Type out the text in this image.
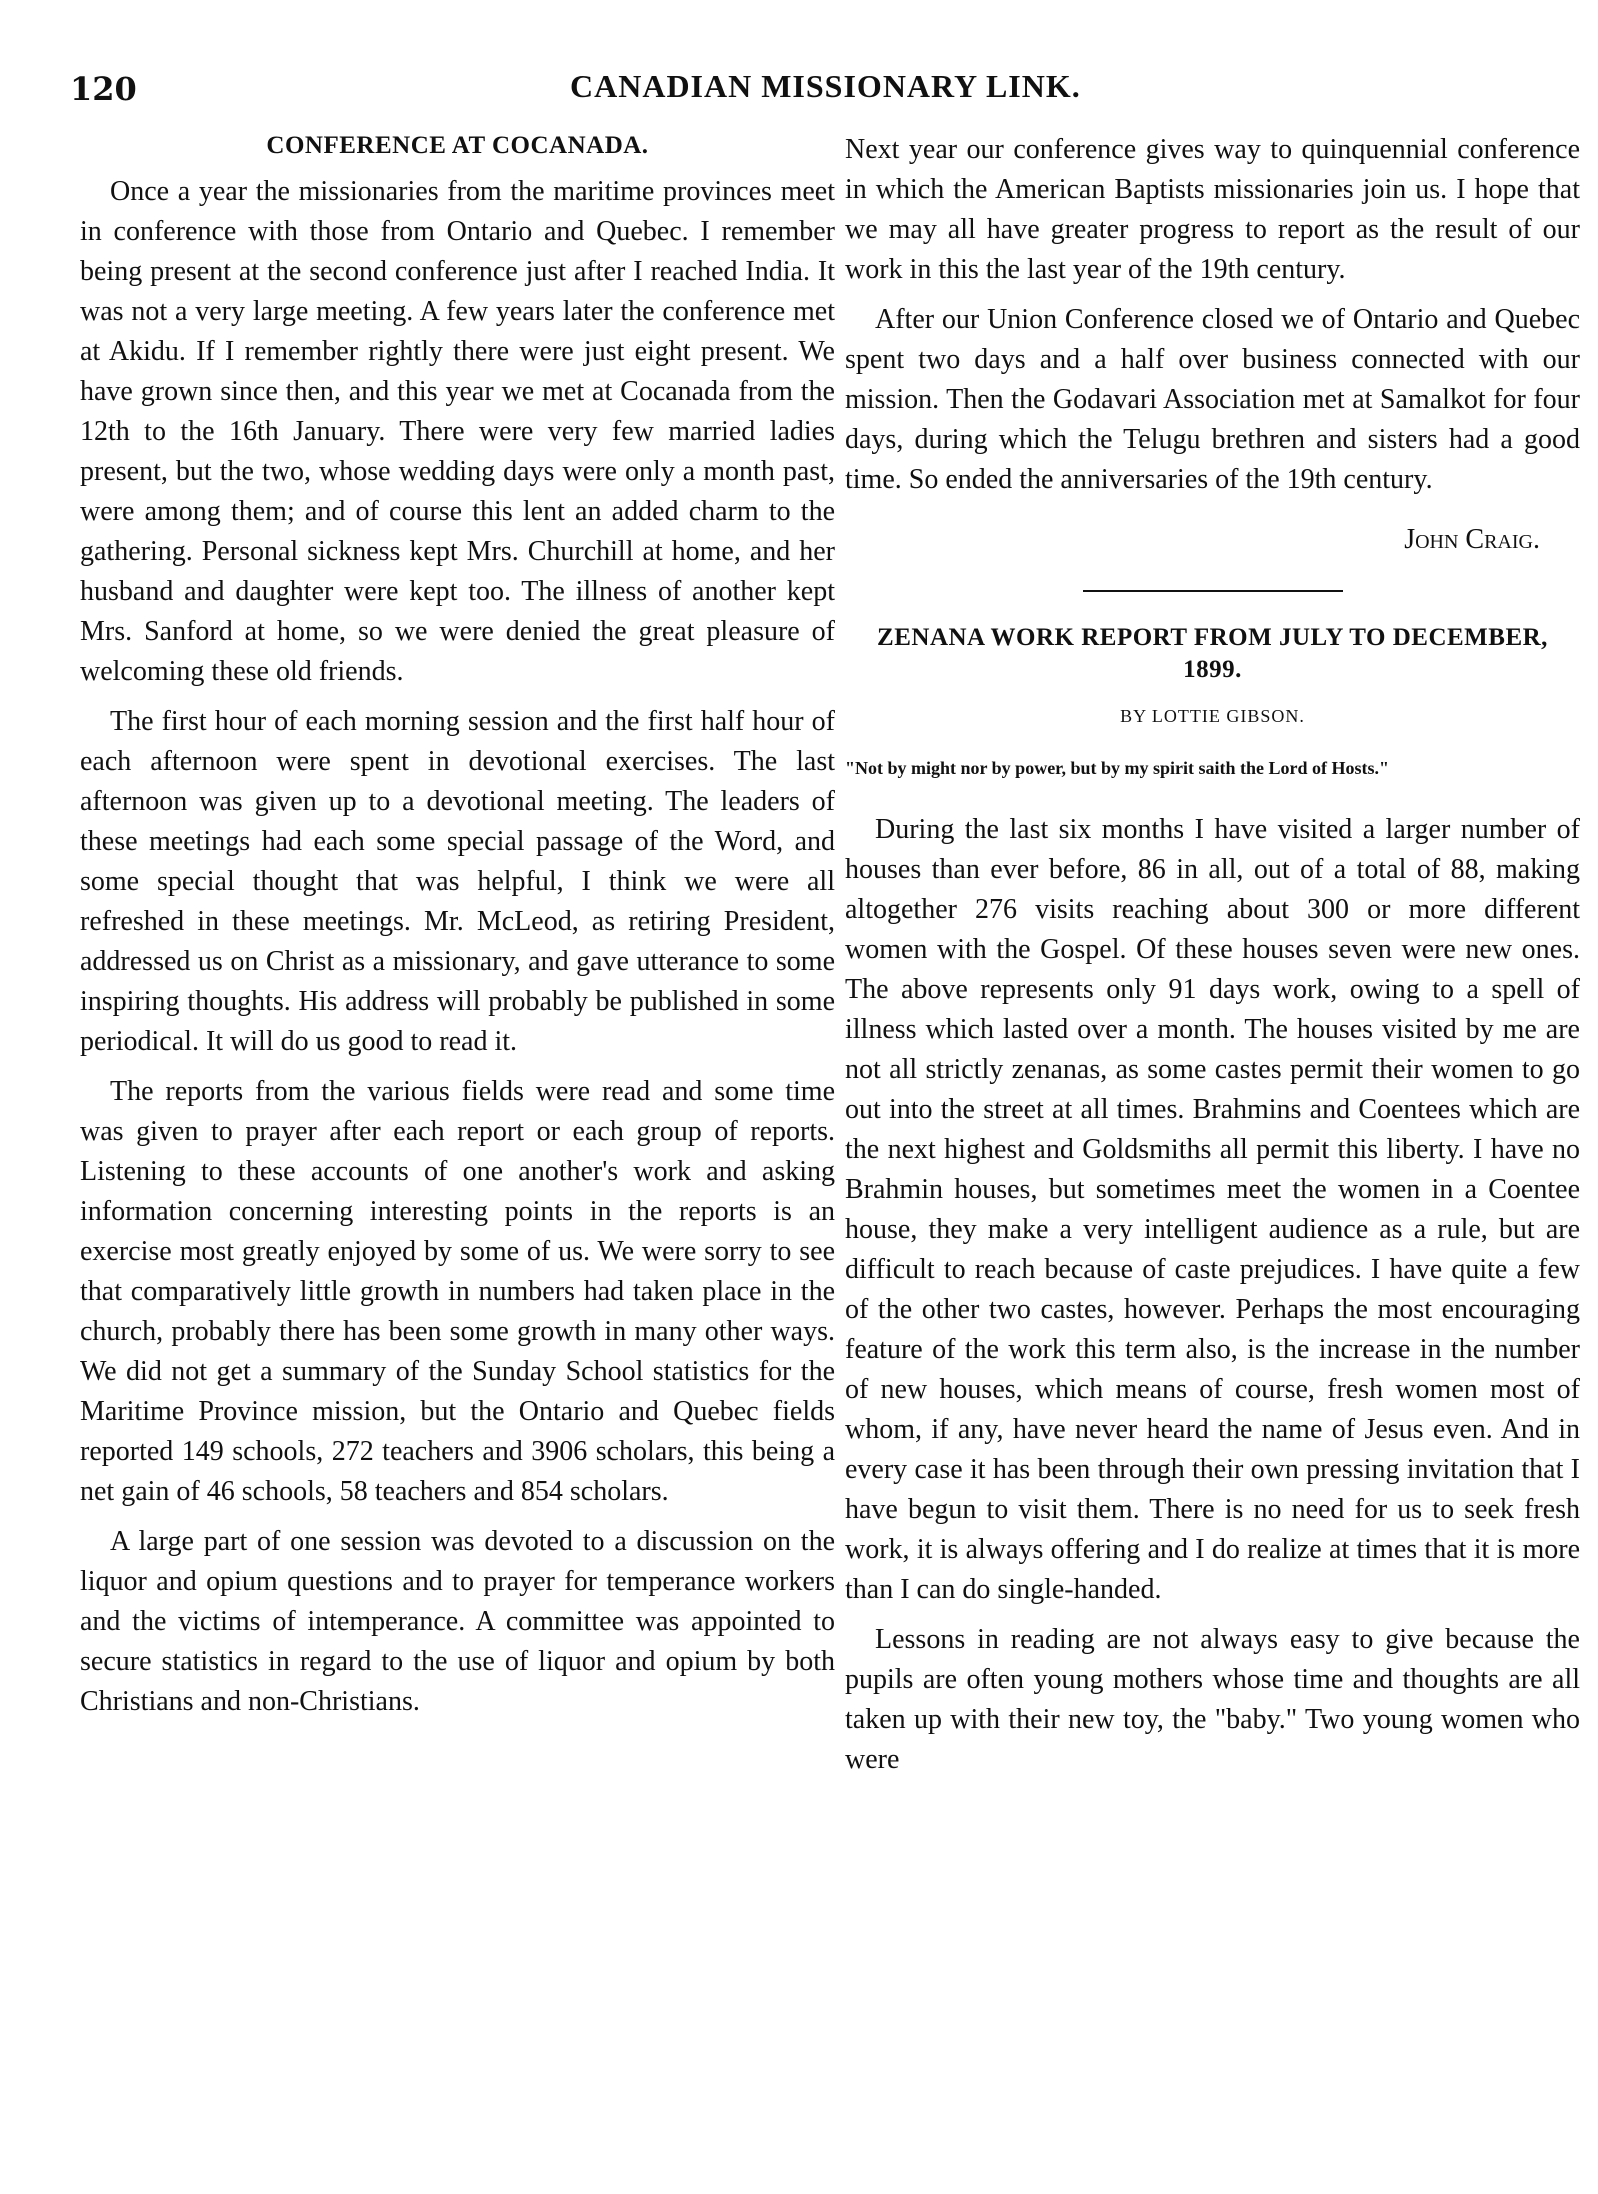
120	CANADIAN MISSIONARY LINK.
CONFERENCE AT COCANADA.

Once a year the missionaries from the maritime provinces meet in conference with those from Ontario and Quebec. I remember being present at the second conference just after I reached India. It was not a very large meeting. A few years later the conference met at Akidu. If I remember rightly there were just eight present. We have grown since then, and this year we met at Cocanada from the 12th to the 16th January. There were very few married ladies present, but the two, whose wedding days were only a month past, were among them; and of course this lent an added charm to the gathering. Personal sickness kept Mrs. Churchill at home, and her husband and daughter were kept too. The illness of another kept Mrs. Sanford at home, so we were denied the great pleasure of welcoming these old friends.

The first hour of each morning session and the first half hour of each afternoon were spent in devotional exercises. The last afternoon was given up to a devotional meeting. The leaders of these meetings had each some special passage of the Word, and some special thought that was helpful, I think we were all refreshed in these meetings. Mr. McLeod, as retiring President, addressed us on Christ as a missionary, and gave utterance to some inspiring thoughts. His address will probably be published in some periodical. It will do us good to read it.

The reports from the various fields were read and some time was given to prayer after each report or each group of reports. Listening to these accounts of one another's work and asking information concerning interesting points in the reports is an exercise most greatly enjoyed by some of us. We were sorry to see that comparatively little growth in numbers had taken place in the church, probably there has been some growth in many other ways. We did not get a summary of the Sunday School statistics for the Maritime Province mission, but the Ontario and Quebec fields reported 149 schools, 272 teachers and 3906 scholars, this being a net gain of 46 schools, 58 teachers and 854 scholars.

A large part of one session was devoted to a discussion on the liquor and opium questions and to prayer for temperance workers and the victims of intemperance. A committee was appointed to secure statistics in regard to the use of liquor and opium by both Christians and non-Christians.

Next year our conference gives way to quinquennial conference in which the American Baptists missionaries join us. I hope that we may all have greater progress to report as the result of our work in this the last year of the 19th century.

After our Union Conference closed we of Ontario and Quebec spent two days and a half over business connected with our mission. Then the Godavari Association met at Samalkot for four days, during which the Telugu brethren and sisters had a good time. So ended the anniversaries of the 19th century.

John Craig.
ZENANA WORK REPORT FROM JULY TO DECEMBER, 1899.
BY LOTTIE GIBSON.
"Not by might nor by power, but by my spirit saith the Lord of Hosts."

During the last six months I have visited a larger number of houses than ever before, 86 in all, out of a total of 88, making altogether 276 visits reaching about 300 or more different women with the Gospel. Of these houses seven were new ones. The above represents only 91 days work, owing to a spell of illness which lasted over a month. The houses visited by me are not all strictly zenanas, as some castes permit their women to go out into the street at all times. Brahmins and Coentees which are the next highest and Goldsmiths all permit this liberty. I have no Brahmin houses, but sometimes meet the women in a Coentee house, they make a very intelligent audience as a rule, but are difficult to reach because of caste prejudices. I have quite a few of the other two castes, however. Perhaps the most encouraging feature of the work this term also, is the increase in the number of new houses, which means of course, fresh women most of whom, if any, have never heard the name of Jesus even. And in every case it has been through their own pressing invitation that I have begun to visit them. There is no need for us to seek fresh work, it is always offering and I do realize at times that it is more than I can do single-handed.

Lessons in reading are not always easy to give because the pupils are often young mothers whose time and thoughts are all taken up with their new toy, the "baby." Two young women who were
